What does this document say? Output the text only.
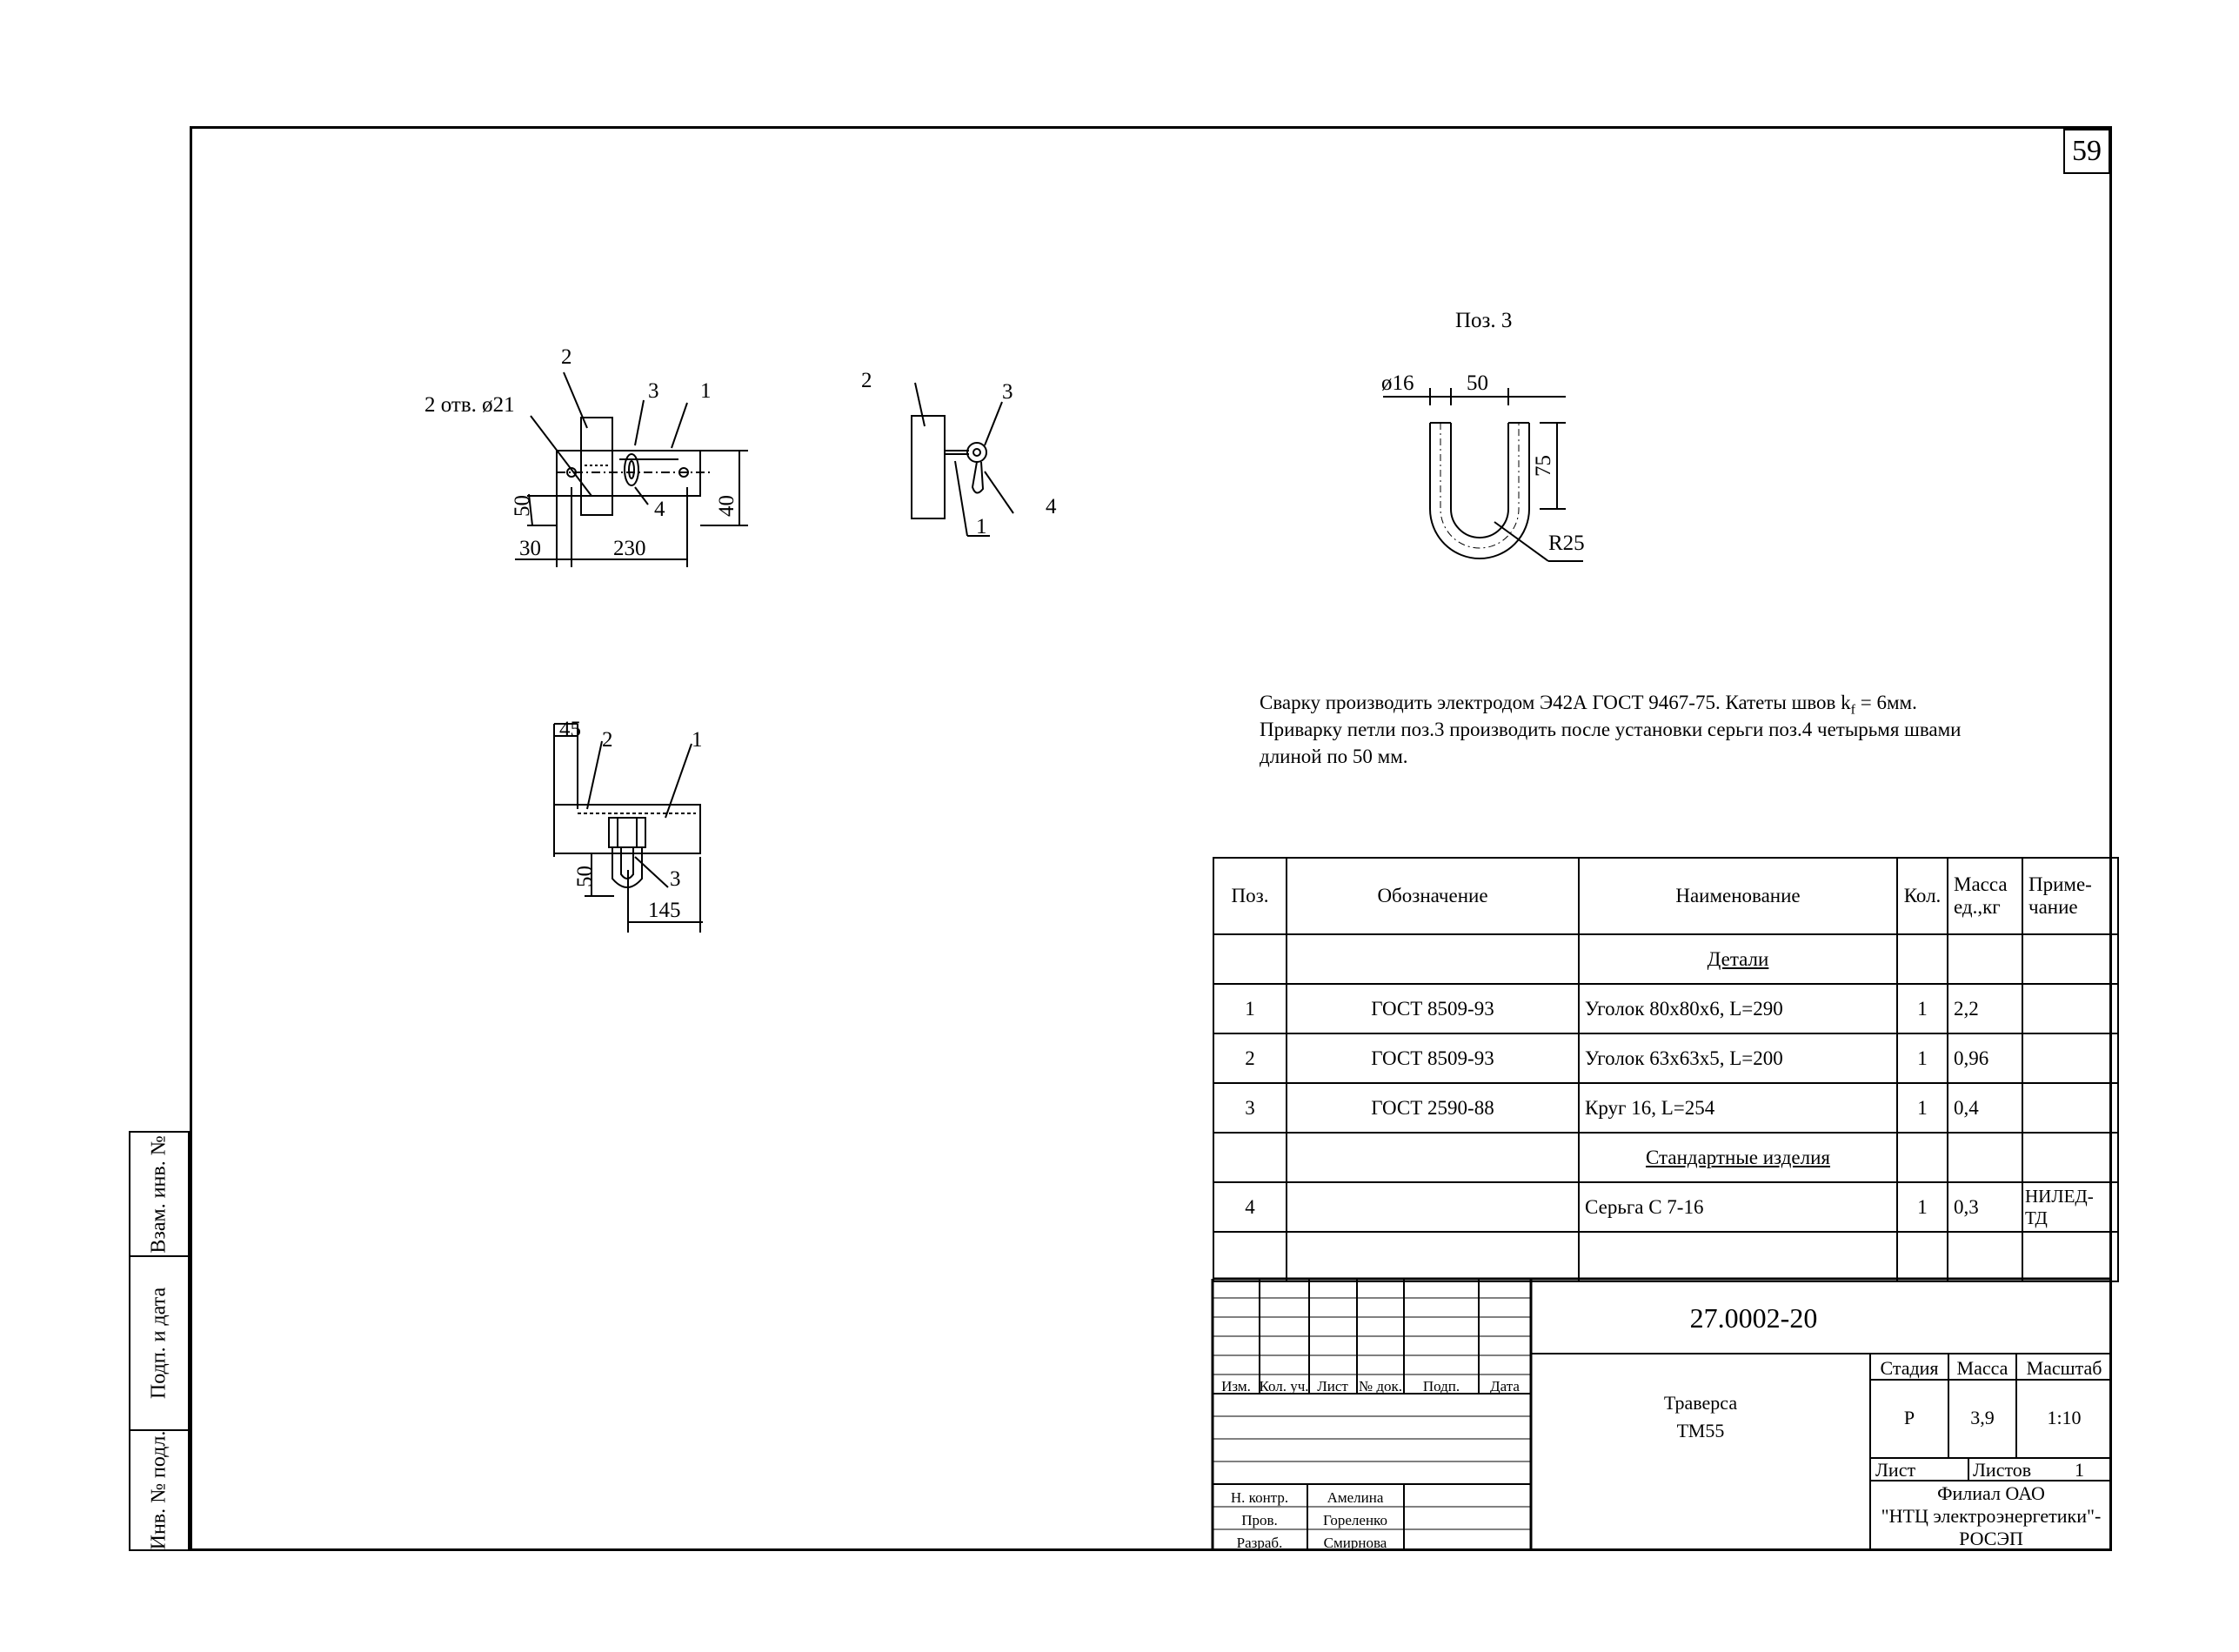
59
Взам. инв. №
Подп. и дата
Инв. № подл.
2 отв. ø21
2
3 1
4
30	230
50	40
2	3
4
1
45 2	1
3
50
145
Поз. 3
ø16 50
75
R25
Сварку производить электродом Э42А ГОСТ 9467-75. Катеты швов $k_f = 6мм$.
Приварку петли поз.3 производить после установки серьги поз.4 четырьмя швами
длиной по 50 мм.
Поз.	Обозначение	Наименование	Кол.	Масса ед.,кг	Приме- чание
		Детали			
1	ГОСТ 8509-93	Уголок 80x80x6, L=290	1	2,2	
2	ГОСТ 8509-93	Уголок 63x63x5, L=200	1	0,96	
3	ГОСТ 2590-88	Круг 16, L=254	1	0,4	
		Стандартные изделия			
4		Серьга С 7-16	1	0,3	НИЛЕД-ТД

27.0002-20
Траверса
ТМ55
Стадия Масса Масштаб
Р	3,9	1:10
Лист	Листов 1
Филиал ОАО
"НТЦ электроэнергетики"-
РОСЭП
Изм. Кол. уч. Лист № док. Подп. Дата
Н. контр.	Амелина
Пров.	Гореленко
Разраб.	Смирнова
